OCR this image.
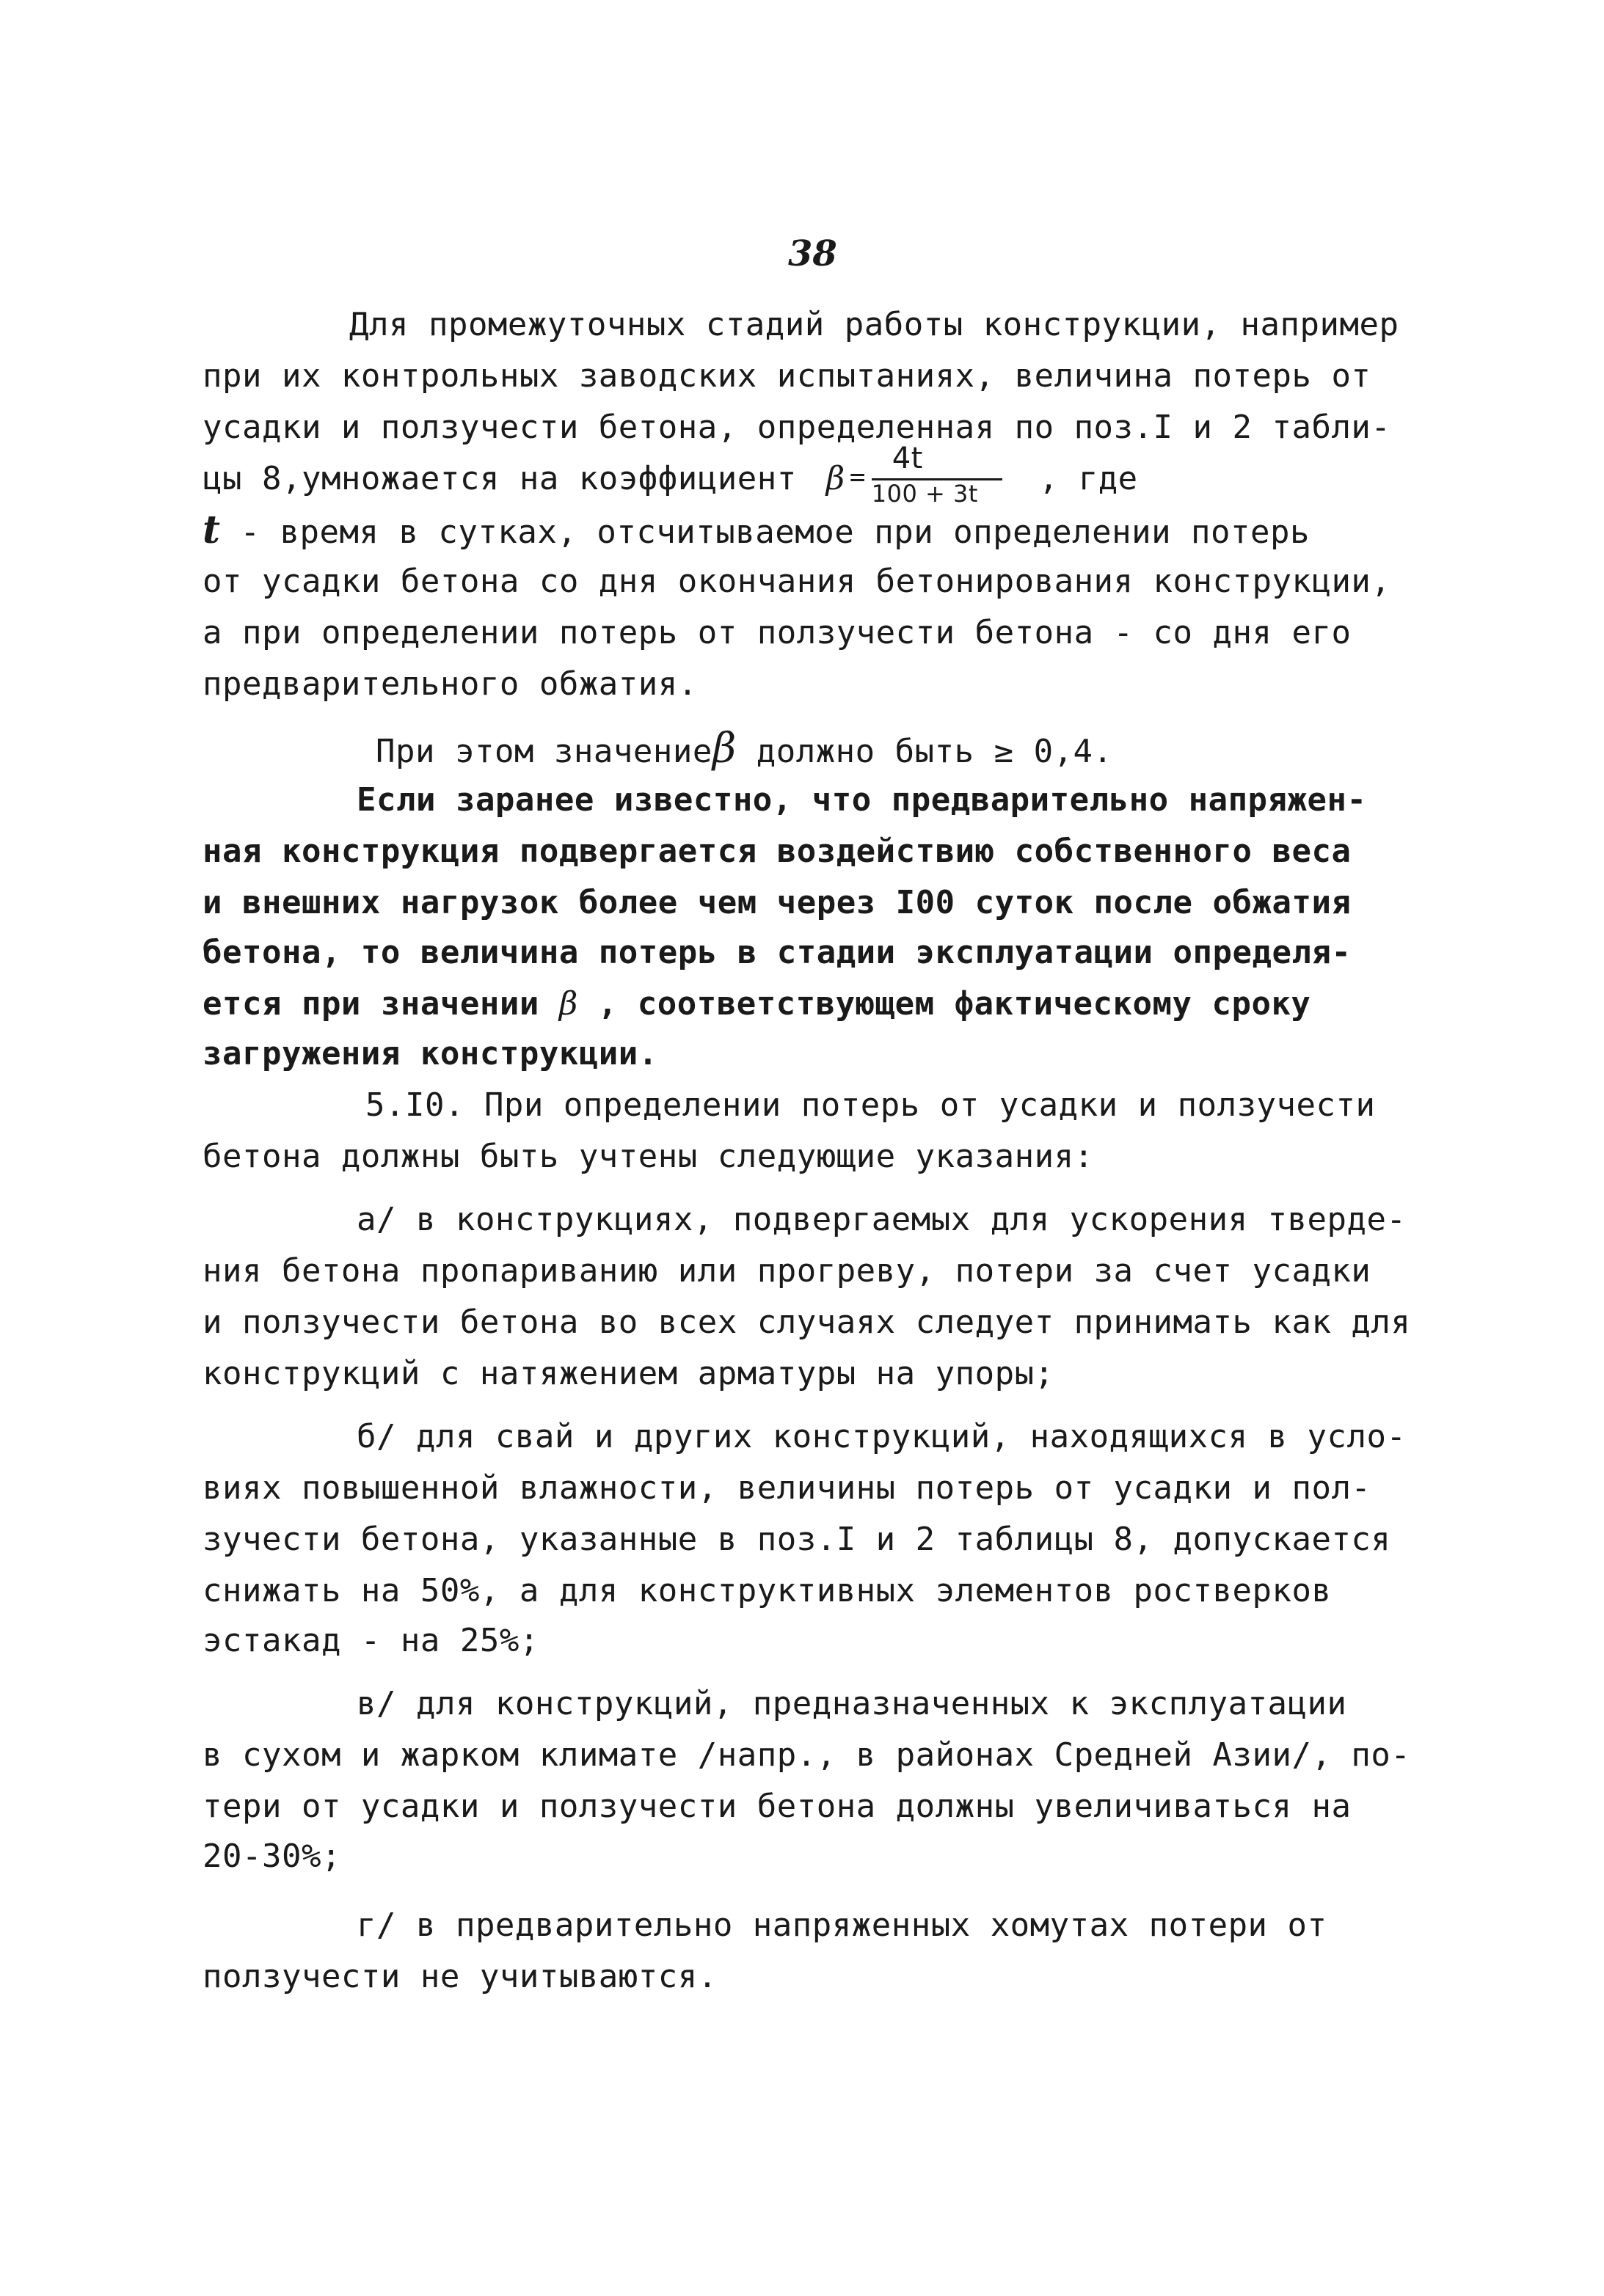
38
Для промежуточных стадий работы конструкции, например
при их контрольных заводских испытаниях, величина потерь от
усадки и ползучести бетона, определенная по поз.I и 2 табли-
цы 8,умножается на коэффициент β =
4t
100 + 3t , где
t - время в сутках, отсчитываемое при определении потерь
от усадки бетона со дня окончания бетонирования конструкции,
а при определении потерь от ползучести бетона - со дня его
предварительного обжатия.
При этом значениеβ должно быть ≥ 0,4.
Если заранее известно, что предварительно напряжен-
ная конструкция подвергается воздействию собственного веса
и внешних нагрузок более чем через I00 суток после обжатия
бетона, то величина потерь в стадии эксплуатации определя-
ется при значении β , соответствующем фактическому сроку
загружения конструкции.
5.I0. При определении потерь от усадки и ползучести
бетона должны быть учтены следующие указания:
а/ в конструкциях, подвергаемых для ускорения тверде-
ния бетона пропариванию или прогреву, потери за счет усадки
и ползучести бетона во всех случаях следует принимать как для
конструкций с натяжением арматуры на упоры;
б/ для свай и других конструкций, находящихся в усло-
виях повышенной влажности, величины потерь от усадки и пол-
зучести бетона, указанные в поз.I и 2 таблицы 8, допускается
снижать на 50%, а для конструктивных элементов ростверков
эстакад - на 25%;
в/ для конструкций, предназначенных к эксплуатации
в сухом и жарком климате /напр., в районах Средней Азии/, по-
тери от усадки и ползучести бетона должны увеличиваться на
20-30%;
г/ в предварительно напряженных хомутах потери от
ползучести не учитываются.
